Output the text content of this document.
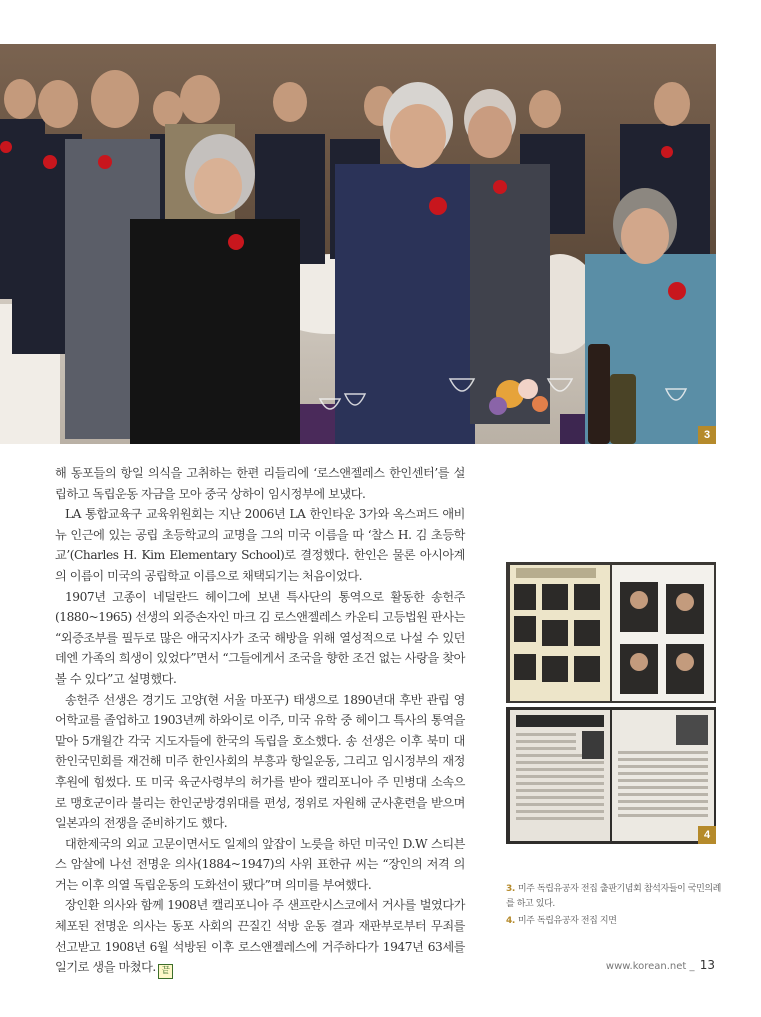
3
4

해 동포들의 항일 의식을 고취하는 한편 리들리에 ‘로스앤젤레스 한인센터’를 설립하고 독립운동 자금을 모아 중국 상하이 임시정부에 보냈다.

LA 통합교육구 교육위원회는 지난 2006년 LA 한인타운 3가와 옥스퍼드 애비뉴 인근에 있는 공립 초등학교의 교명을 그의 미국 이름을 따 ‘찰스 H. 김 초등학교’(Charles H. Kim Elementary School)로 결정했다. 한인은 물론 아시아계의 이름이 미국의 공립학교 이름으로 채택되기는 처음이었다.

1907년 고종이 네덜란드 헤이그에 보낸 특사단의 통역으로 활동한 송헌주(1880~1965) 선생의 외증손자인 마크 김 로스앤젤레스 카운티 고등법원 판사는 “외증조부를 필두로 많은 애국지사가 조국 해방을 위해 열성적으로 나설 수 있던 데엔 가족의 희생이 있었다”면서 “그들에게서 조국을 향한 조건 없는 사랑을 찾아볼 수 있다”고 설명했다.

송헌주 선생은 경기도 고양(현 서울 마포구) 태생으로 1890년대 후반 관립 영어학교를 졸업하고 1903년께 하와이로 이주, 미국 유학 중 헤이그 특사의 통역을 맡아 5개월간 각국 지도자들에 한국의 독립을 호소했다. 송 선생은 이후 북미 대한인국민회를 재건해 미주 한인사회의 부흥과 항일운동, 그리고 임시정부의 재정 후원에 힘썼다. 또 미국 육군사령부의 허가를 받아 캘리포니아 주 민병대 소속으로 맹호군이라 불리는 한인군방경위대를 편성, 정위로 자원해 군사훈련을 받으며 일본과의 전쟁을 준비하기도 했다.

대한제국의 외교 고문이면서도 일제의 앞잡이 노릇을 하던 미국인 D.W 스티븐스 암살에 나선 전명운 의사(1884~1947)의 사위 표한규 씨는 “장인의 저격 의거는 이후 의열 독립운동의 도화선이 됐다”며 의미를 부여했다.

장인환 의사와 함께 1908년 캘리포니아 주 샌프란시스코에서 거사를 벌였다가 체포된 전명운 의사는 동포 사회의 끈질긴 석방 운동 결과 재판부로부터 무죄를 선고받고 1908년 6월 석방된 이후 로스앤젤레스에 거주하다가 1947년 63세를 일기로 생을 마쳤다. 끝

3. 미주 독립유공자 전집 출판기념회 참석자들이 국민의례를 하고 있다.
4. 미주 독립유공자 전집 지면
www.korean.net _ 13
